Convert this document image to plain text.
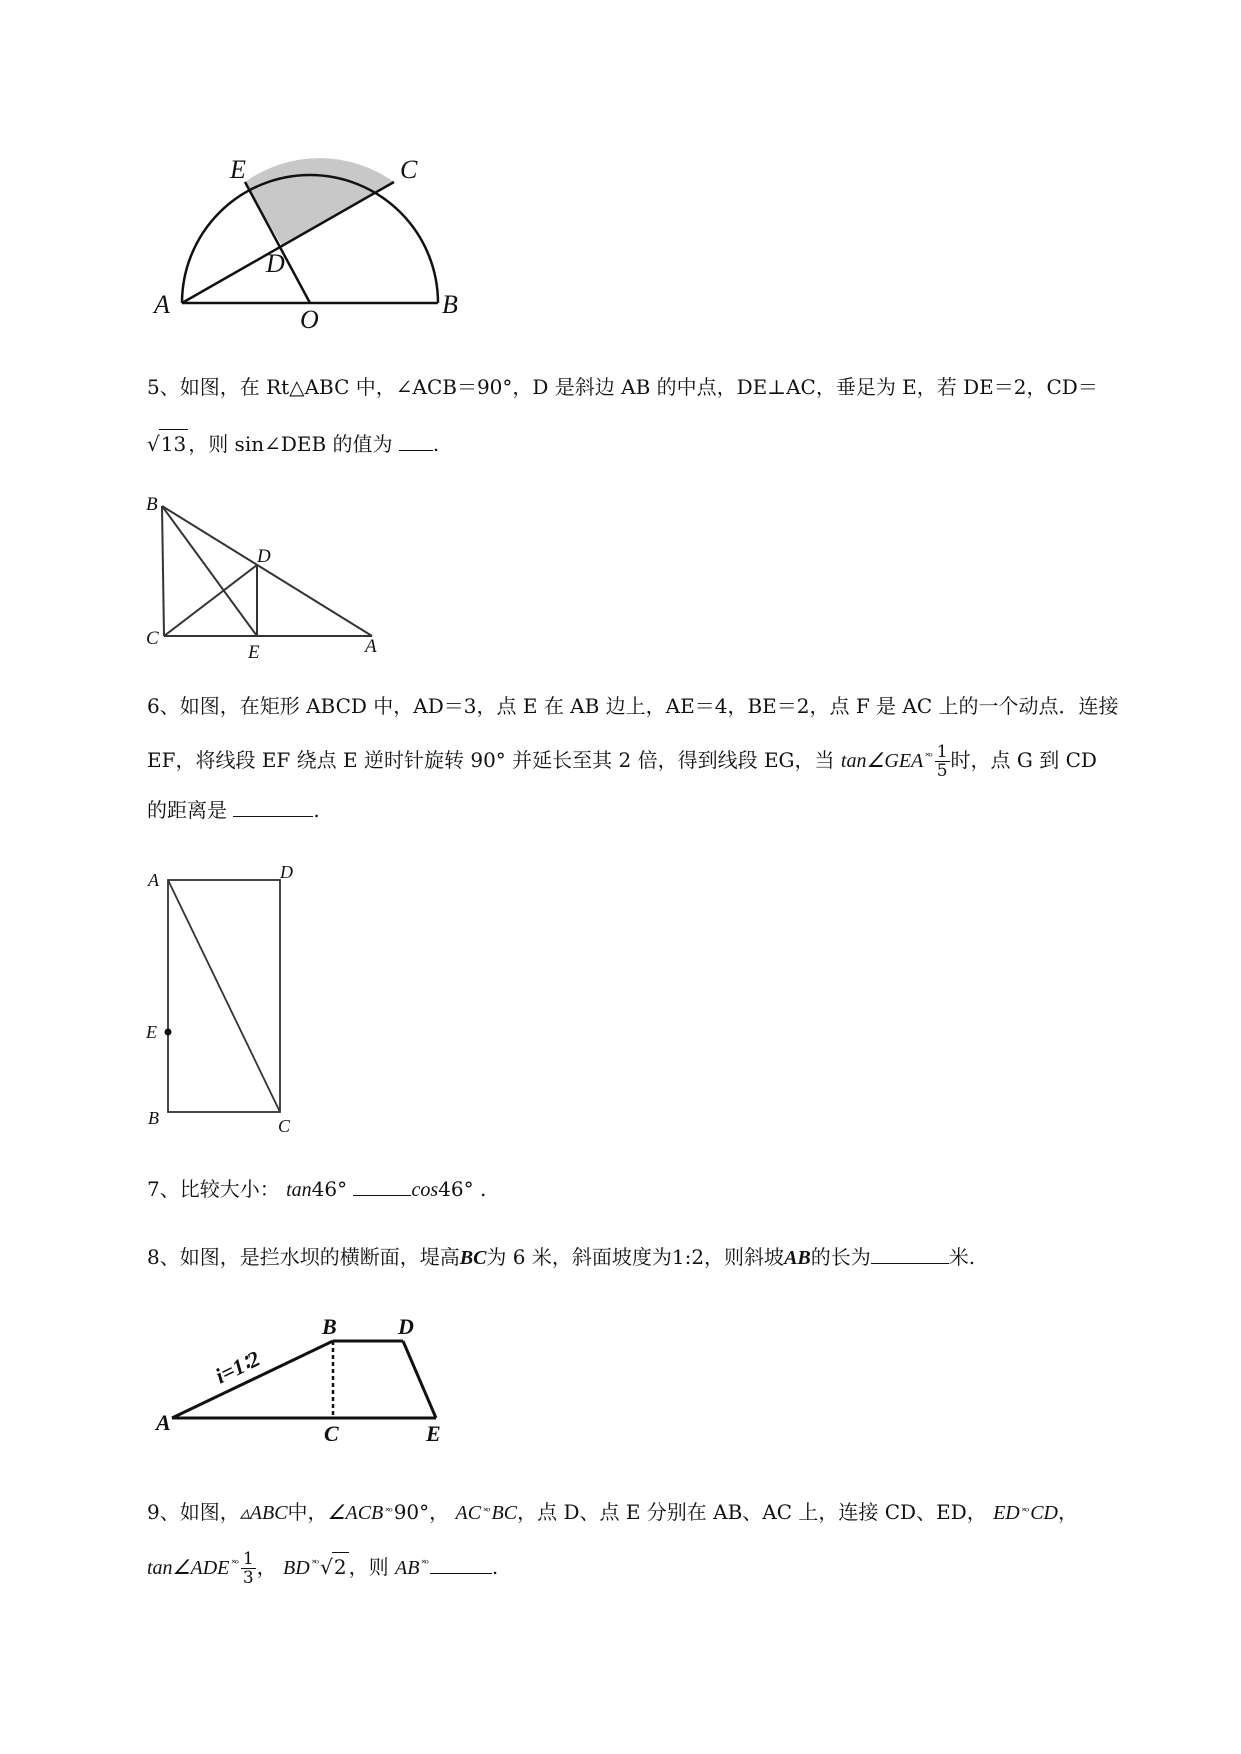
E	C
D
A
O
B
5、如图，在 Rt△ABC 中，∠ACB＝90°，D 是斜边 AB 的中点，DE⊥AC，垂足为 E，若 DE＝2，CD＝
√13 ，则 sin∠DEB 的值为 .
B
D
C
E	A
6、如图，在矩形 ABCD 中，AD＝3，点 E 在 AB 边上，AE＝4，BE＝2，点 F 是 AC 上的一个动点．连接
EF，将线段 EF 绕点 E 逆时针旋转 90° 并延长至其 2 倍，得到线段 EG，当 tan∠GEA $^{˟ᵒ} \frac{1}{5}$ 时，点 G 到 CD
的距离是	.
A	D
E
B	C
7、比较大小： tan46°	cos46° .
8、如图，是拦水坝的横断面，堤高BC为 6 米，斜面坡度为1:2，则斜坡AB的长为	米.
B	D
A	C	E
i=1∶2
9、如图，▵ABC中，∠ACB $^{˟ᵒ}$ 90°， AC $^{˟ᵒ}$ BC，点 D、点 E 分别在 AB、AC 上，连接 CD、ED， ED $^{˟ᵒ}$ CD，
tan∠ADE $^{˟ᵒ} \frac{1}{3}$ ， BD $^{˟ᵒ}$ √2 ，则 AB $^{˟ᵒ}$	.
